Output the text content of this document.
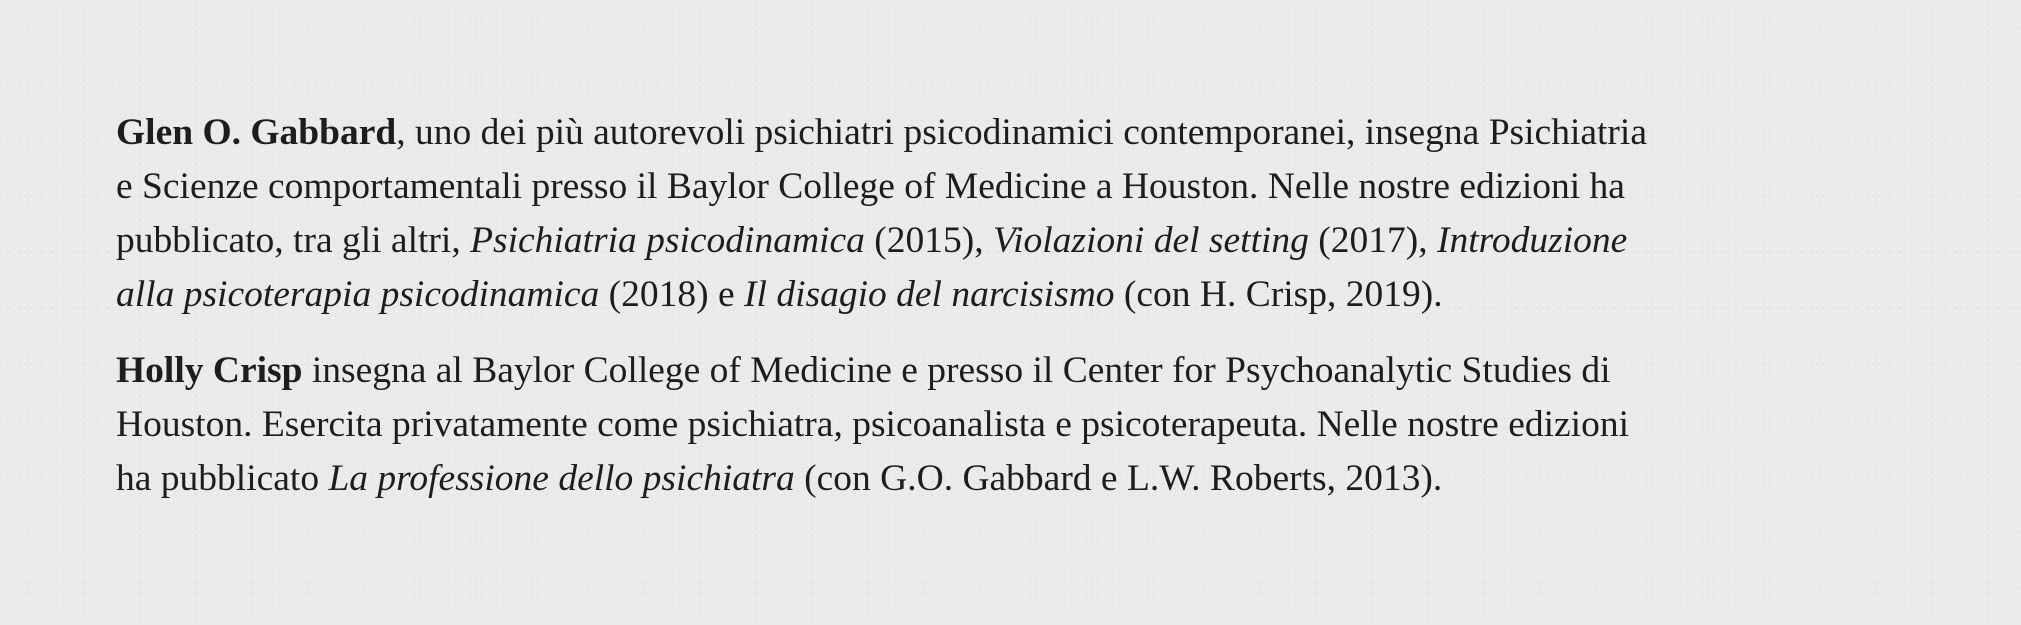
Glen O. Gabbard, uno dei più autorevoli psichiatri psicodinamici contemporanei, insegna Psichiatria
e Scienze comportamentali presso il Baylor College of Medicine a Houston. Nelle nostre edizioni ha
pubblicato, tra gli altri, Psichiatria psicodinamica (2015), Violazioni del setting (2017), Introduzione
alla psicoterapia psicodinamica (2018) e Il disagio del narcisismo (con H. Crisp, 2019).

Holly Crisp insegna al Baylor College of Medicine e presso il Center for Psychoanalytic Studies di
Houston. Esercita privatamente come psichiatra, psicoanalista e psicoterapeuta. Nelle nostre edizioni
ha pubblicato La professione dello psichiatra (con G.O. Gabbard e L.W. Roberts, 2013).
